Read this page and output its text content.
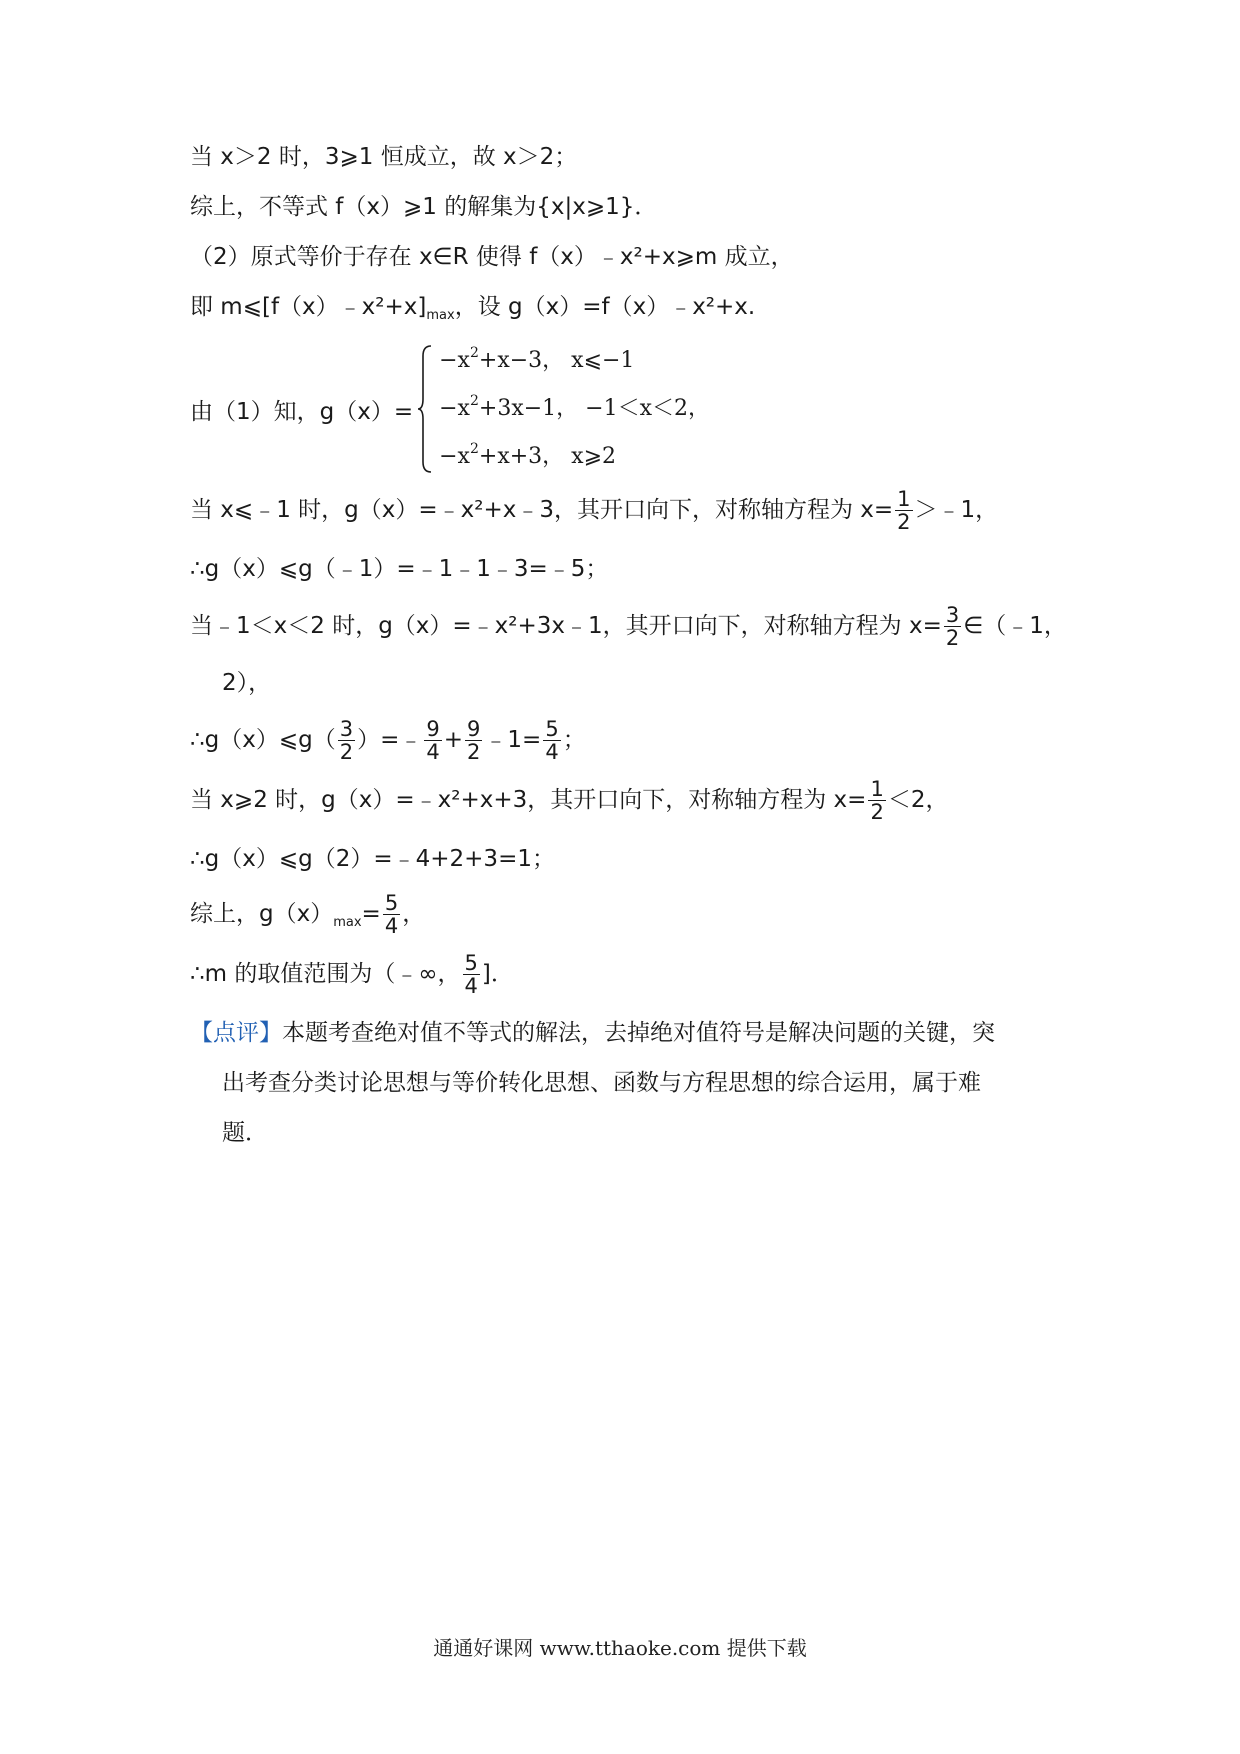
当 x＞2 时，3⩾1 恒成立，故 x＞2；
综上，不等式 f（x）⩾1 的解集为{x|x⩾1}．
（2）原式等价于存在 x∈R 使得 f（x）﹣x²+x⩾m 成立，
即 $m⩽[f(x)﹣x^2+x]_{max}$，设 g（x）=f（x）﹣x²+x.
由（1）知，g（x）=
$-x^2+x-3$， x⩽−1
$-x^2+3x-1$， −1＜x＜2，
$-x^2+x+3$， x⩾2
当 x⩽﹣1 时，g（x）=﹣x²+x﹣3，其开口向下，对称轴方程为 $x= \frac{1}{2}$ ＞﹣1，
∴g（x）⩽g（﹣1）=﹣1﹣1﹣3=﹣5；
当﹣1＜x＜2 时，g（x）=﹣x²+3x﹣1，其开口向下，对称轴方程为 $x= \frac{3}{2}$ ∈（﹣1，
2），
∴g（x）⩽g（ $\frac{3}{2}$ ）=﹣ $\frac{9}{4} + \frac{9}{2}$ ﹣1= $\frac{5}{4}$ ；
当 x⩾2 时，g（x）=﹣x²+x+3，其开口向下，对称轴方程为 $x= \frac{1}{2} <2$，
∴g（x）⩽g（2）=﹣4+2+3=1；
综上，$g(x)_{max}= \frac{5}{4}$ ，
∴m 的取值范围为（﹣∞， $\frac{5}{4}$ ]．
【点评】本题考查绝对值不等式的解法，去掉绝对值符号是解决问题的关键，突
出考查分类讨论思想与等价转化思想、函数与方程思想的综合运用，属于难
题．
通通好课网 www.tthaoke.com 提供下载
